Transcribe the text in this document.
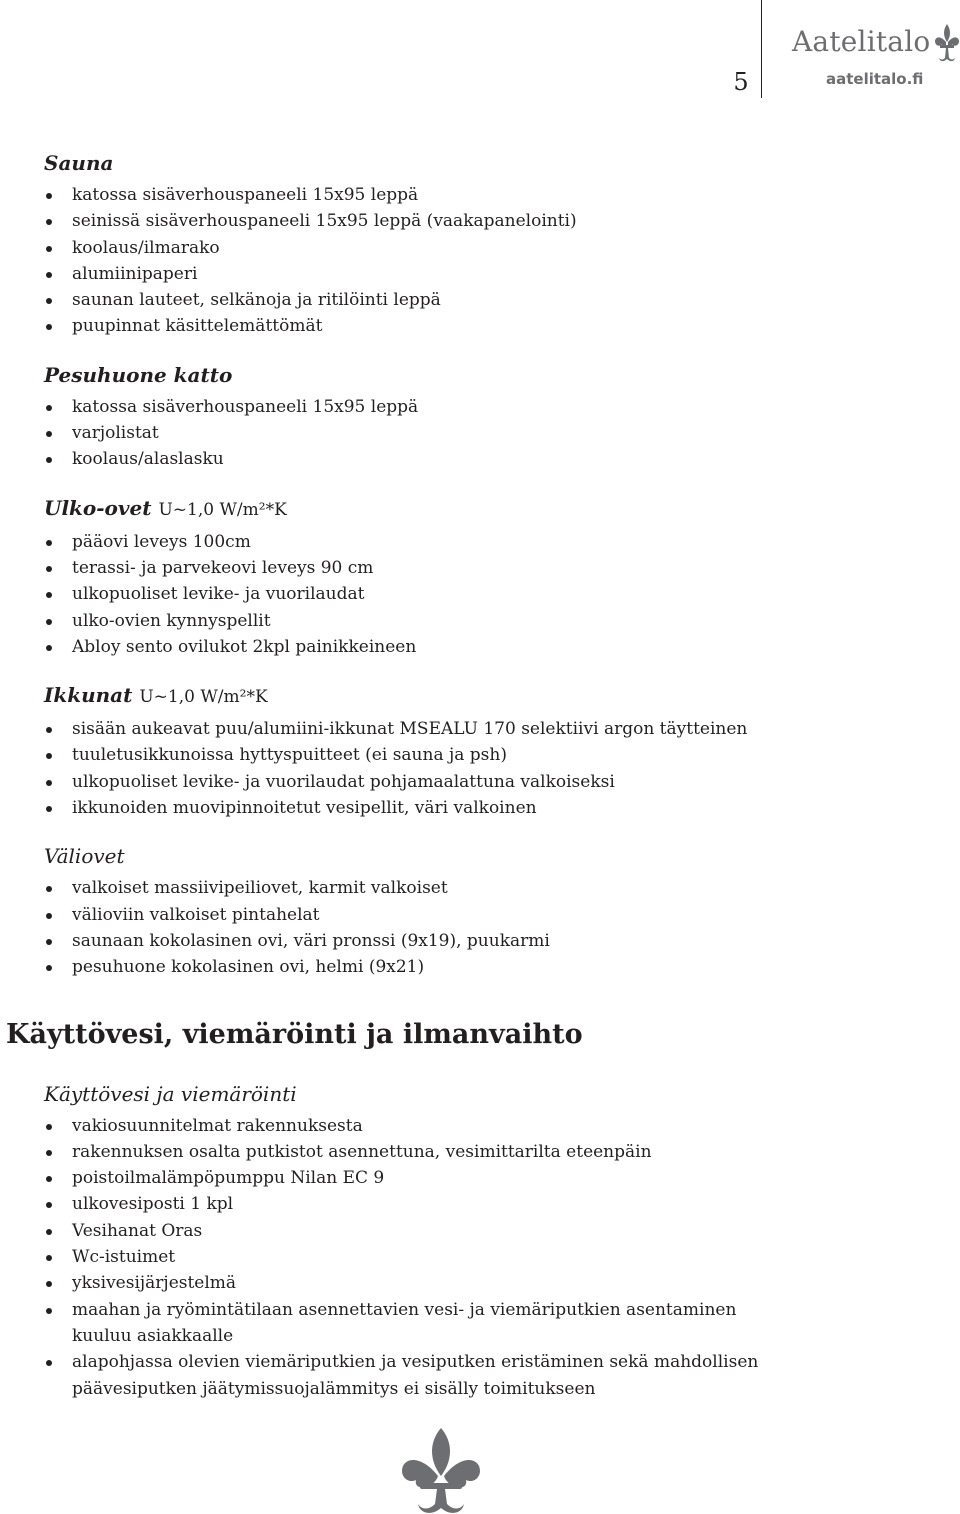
5
Aatelitalo
aatelitalo.fi
Sauna
katossa sisäverhouspaneeli 15x95 leppä
seinissä sisäverhouspaneeli 15x95 leppä (vaakapanelointi)
koolaus/ilmarako
alumiinipaperi
saunan lauteet, selkänoja ja ritilöinti leppä
puupinnat käsittelemättömät
Pesuhuone katto
katossa sisäverhouspaneeli 15x95 leppä
varjolistat
koolaus/alaslasku
Ulko-ovet U~1,0 W/m²*K
pääovi leveys 100cm
terassi- ja parvekeovi leveys 90 cm
ulkopuoliset levike- ja vuorilaudat
ulko-ovien kynnyspellit
Abloy sento ovilukot 2kpl painikkeineen
Ikkunat U~1,0 W/m²*K
sisään aukeavat puu/alumiini-ikkunat MSEALU 170 selektiivi argon täytteinen
tuuletusikkunoissa hyttyspuitteet (ei sauna ja psh)
ulkopuoliset levike- ja vuorilaudat pohjamaalattuna valkoiseksi
ikkunoiden muovipinnoitetut vesipellit, väri valkoinen
Väliovet
valkoiset massiivipeiliovet, karmit valkoiset
välioviin valkoiset pintahelat
saunaan kokolasinen ovi, väri pronssi (9x19), puukarmi
pesuhuone kokolasinen ovi, helmi (9x21)
Käyttövesi, viemäröinti ja ilmanvaihto
Käyttövesi ja viemäröinti
vakiosuunnitelmat rakennuksesta
rakennuksen osalta putkistot asennettuna, vesimittarilta eteenpäin
poistoilmalämpöpumppu Nilan EC 9
ulkovesiposti 1 kpl
Vesihanat Oras
Wc-istuimet
yksivesijärjestelmä
maahan ja ryömintätilaan asennettavien vesi- ja viemäriputkien asentaminen kuuluu asiakkaalle
alapohjassa olevien viemäriputkien ja vesiputken eristäminen sekä mahdollisen päävesiputken jäätymissuojalämmitys ei sisälly toimitukseen
